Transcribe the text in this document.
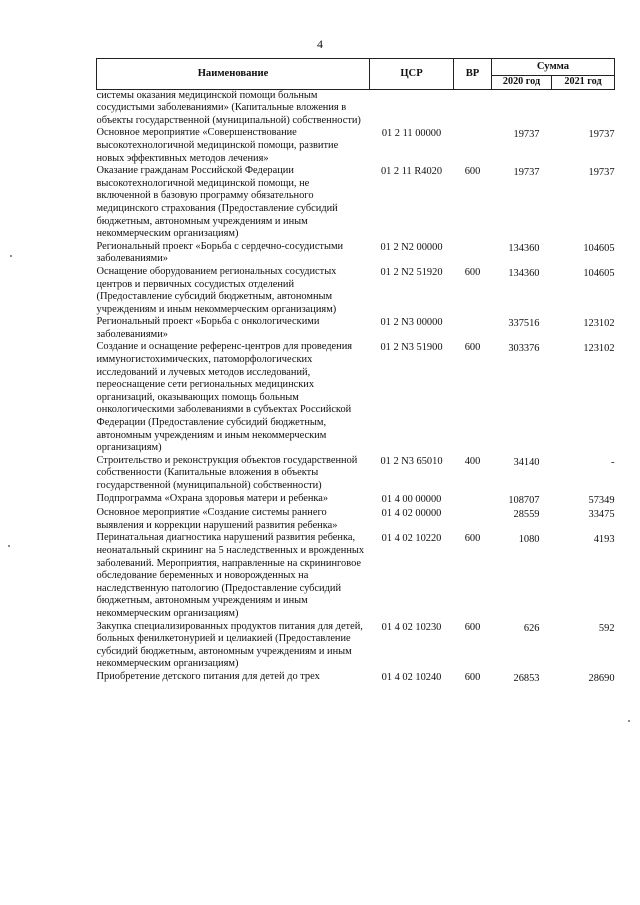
4
Наименование	ЦСР	ВР	Сумма	
			2020 год	2021 год
системы оказания медицинской помощи больным сосудистыми заболеваниями» (Капитальные вложения в объекты государственной (муниципальной) собственности)				
Основное мероприятие «Совершенствование высокотехнологичной медицинской помощи, развитие новых эффективных методов лечения»	01 2 11 00000		19737	19737
Оказание гражданам Российской Федерации высокотехнологичной медицинской помощи, не включенной в базовую программу обязательного медицинского страхования (Предоставление субсидий бюджетным, автономным учреждениям и иным некоммерческим организациям)	01 2 11 R4020	600	19737	19737
Региональный проект «Борьба с сердечно-сосудистыми заболеваниями»	01 2 N2 00000		134360	104605
Оснащение оборудованием региональных сосудистых центров и первичных сосудистых отделений (Предоставление субсидий бюджетным, автономным учреждениям и иным некоммерческим организациям)	01 2 N2 51920	600	134360	104605
Региональный проект «Борьба с онкологическими заболеваниями»	01 2 N3 00000		337516	123102
Создание и оснащение референс-центров для проведения иммуногистохимических, патоморфологических исследований и лучевых методов исследований, переоснащение сети региональных медицинских организаций, оказывающих помощь больным онкологическими заболеваниями в субъектах Российской Федерации (Предоставление субсидий бюджетным, автономным учреждениям и иным некоммерческим организациям)	01 2 N3 51900	600	303376	123102
Строительство и реконструкция объектов государственной собственности (Капитальные вложения в объекты государственной (муниципальной) собственности)	01 2 N3 65010	400	34140	-
Подпрограмма «Охрана здоровья матери и ребенка»	01 4 00 00000		108707	57349
Основное мероприятие «Создание системы раннего выявления и коррекции нарушений развития ребенка»	01 4 02 00000		28559	33475
Перинатальная диагностика нарушений развития ребенка, неонатальный скрининг на 5 наследственных и врожденных заболеваний. Мероприятия, направленные на скрининговое обследование беременных и новорожденных на наследственную патологию (Предоставление субсидий бюджетным, автономным учреждениям и иным некоммерческим организациям)	01 4 02 10220	600	1080	4193
Закупка специализированных продуктов питания для детей, больных фенилкетонурией и целиакией (Предоставление субсидий бюджетным, автономным учреждениям и иным некоммерческим организациям)	01 4 02 10230	600	626	592
Приобретение детского питания для детей до трех	01 4 02 10240	600	26853	28690
